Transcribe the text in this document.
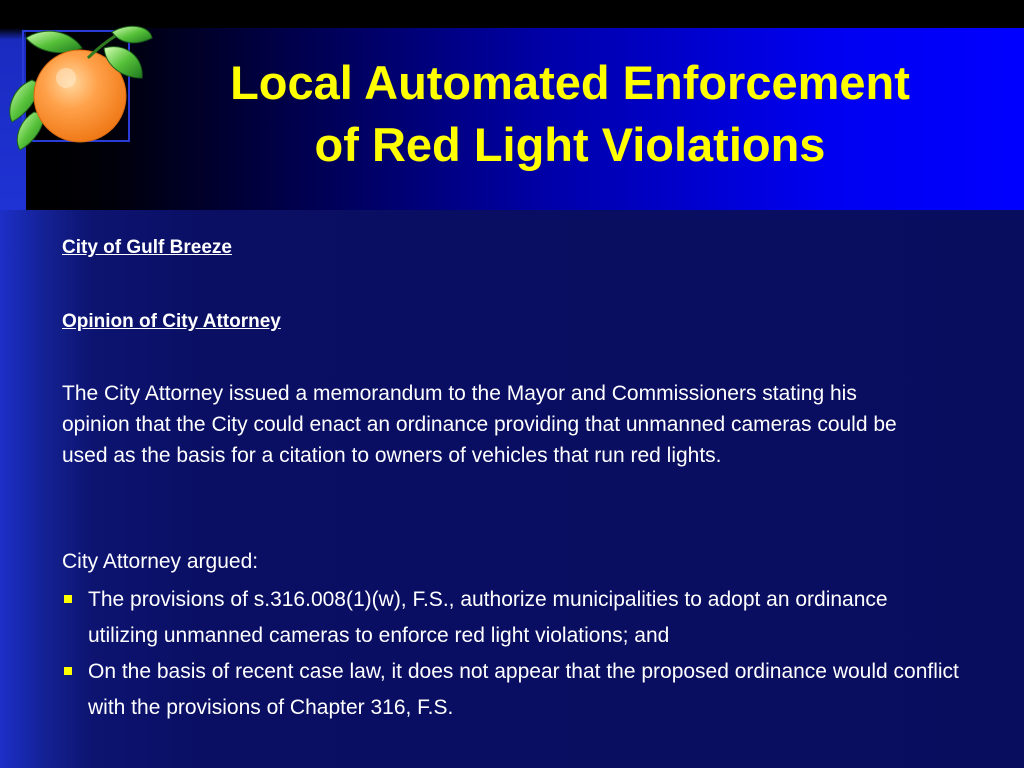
Local Automated Enforcement
of Red Light Violations

City of Gulf Breeze

Opinion of City Attorney

The City Attorney issued a memorandum to the Mayor and Commissioners stating his opinion that the City could enact an ordinance providing that unmanned cameras could be used as the basis for a citation to owners of vehicles that run red lights.

City Attorney argued:

The provisions of s.316.008(1)(w), F.S., authorize municipalities to adopt an ordinance utilizing unmanned cameras to enforce red light violations; and
On the basis of recent case law, it does not appear that the proposed ordinance would conflict with the provisions of Chapter 316, F.S.
